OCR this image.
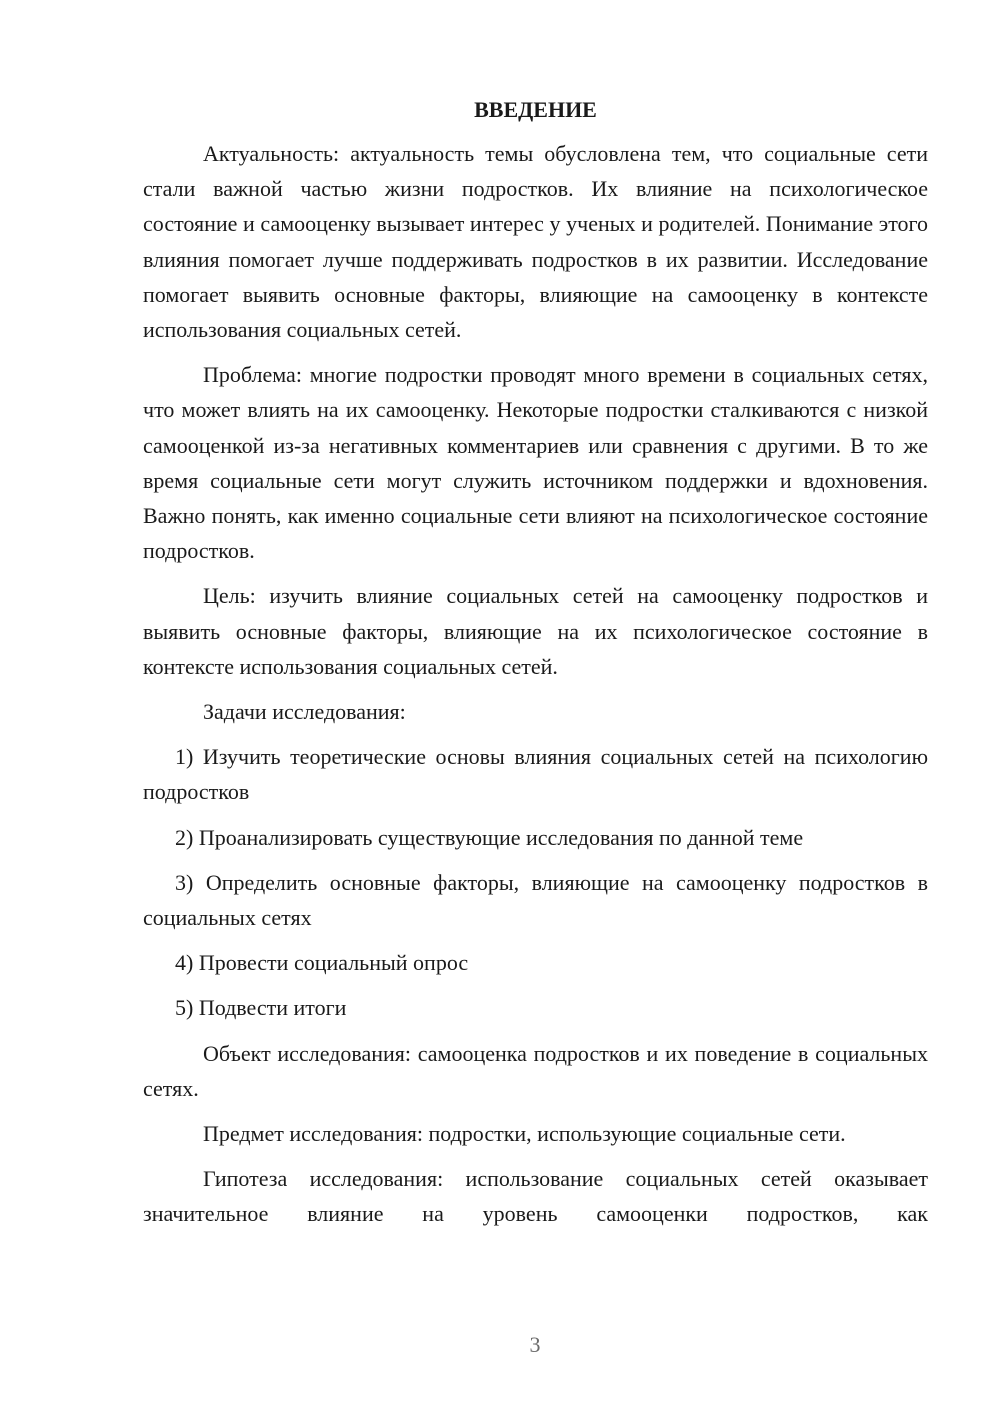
ВВЕДЕНИЕ

Актуальность: актуальность темы обусловлена тем, что социальные сети стали важной частью жизни подростков. Их влияние на психологическое состояние и самооценку вызывает интерес у ученых и родителей. Понимание этого влияния помогает лучше поддерживать подростков в их развитии. Исследование помогает выявить основные факторы, влияющие на самооценку в контексте использования социальных сетей.

Проблема: многие подростки проводят много времени в социальных сетях, что может влиять на их самооценку. Некоторые подростки сталкиваются с низкой самооценкой из-за негативных комментариев или сравнения с другими. В то же время социальные сети могут служить источником поддержки и вдохновения. Важно понять, как именно социальные сети влияют на психологическое состояние подростков.

Цель: изучить влияние социальных сетей на самооценку подростков и выявить основные факторы, влияющие на их психологическое состояние в контексте использования социальных сетей.

Задачи исследования:

1) Изучить теоретические основы влияния социальных сетей на психологию подростков

2) Проанализировать существующие исследования по данной теме

3) Определить основные факторы, влияющие на самооценку подростков в социальных сетях

4) Провести социальный опрос

5) Подвести итоги

Объект исследования: самооценка подростков и их поведение в социальных сетях.

Предмет исследования: подростки, использующие социальные сети.

Гипотеза исследования: использование социальных сетей оказывает значительное влияние на уровень самооценки подростков, как

3
